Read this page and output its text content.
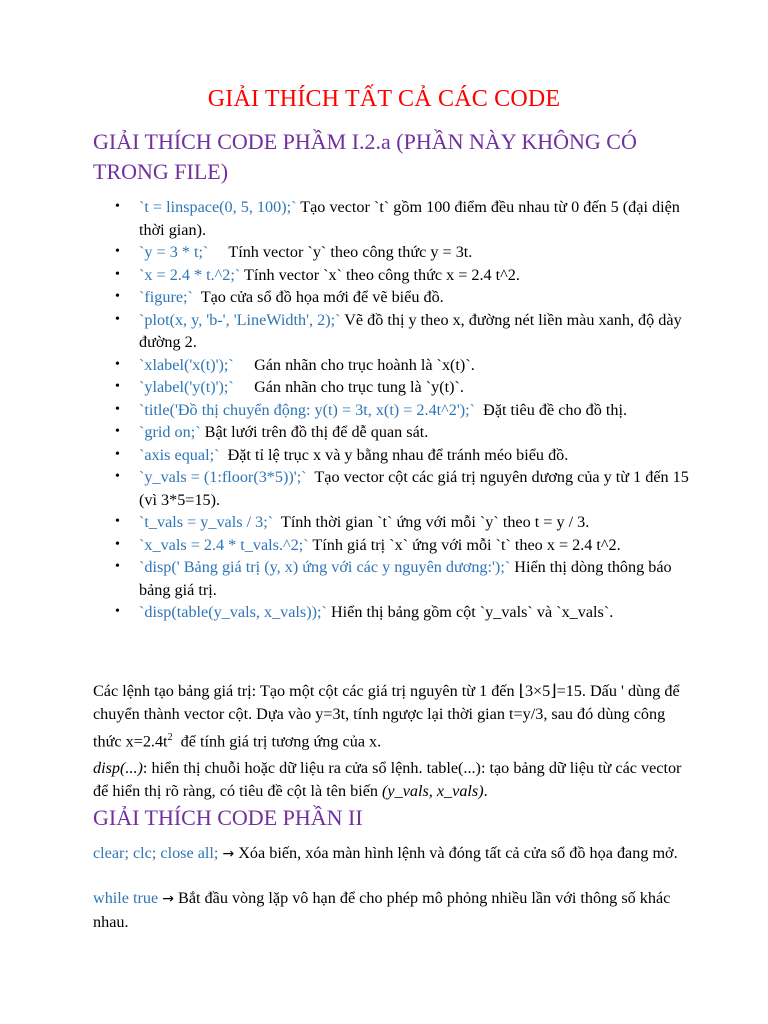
GIẢI THÍCH TẤT CẢ CÁC CODE
GIẢI THÍCH CODE PHẦM I.2.a (PHẦN NÀY KHÔNG CÓ TRONG FILE)
• `t = linspace(0, 5, 100);` Tạo vector `t` gồm 100 điểm đều nhau từ 0 đến 5 (đại diện thời gian).
• `y = 3 * t;`     Tính vector `y` theo công thức y = 3t.
• `x = 2.4 * t.^2;` Tính vector `x` theo công thức x = 2.4 t^2.
• `figure;`  Tạo cửa sổ đồ họa mới để vẽ biểu đồ.
• `plot(x, y, 'b-', 'LineWidth', 2);` Vẽ đồ thị y theo x, đường nét liền màu xanh, độ dày đường 2.
• `xlabel('x(t)');`     Gán nhãn cho trục hoành là `x(t)`.
• `ylabel('y(t)');`     Gán nhãn cho trục tung là `y(t)`.
• `title('Đồ thị chuyển động: y(t) = 3t, x(t) = 2.4t^2');`  Đặt tiêu đề cho đồ thị.
• `grid on;` Bật lưới trên đồ thị để dễ quan sát.
• `axis equal;`  Đặt tỉ lệ trục x và y bằng nhau để tránh méo biểu đồ.
• `y_vals = (1:floor(3*5))';`  Tạo vector cột các giá trị nguyên dương của y từ 1 đến 15 (vì 3*5=15).
• `t_vals = y_vals / 3;`  Tính thời gian `t` ứng với mỗi `y` theo t = y / 3.
• `x_vals = 2.4 * t_vals.^2;` Tính giá trị `x` ứng với mỗi `t` theo x = 2.4 t^2.
• `disp(' Bảng giá trị (y, x) ứng với các y nguyên dương:');` Hiển thị dòng thông báo bảng giá trị.
• `disp(table(y_vals, x_vals));` Hiển thị bảng gồm cột `y_vals` và `x_vals`.

Các lệnh tạo bảng giá trị: Tạo một cột các giá trị nguyên từ 1 đến ⌊3×5⌋=15. Dấu ' dùng để chuyển thành vector cột. Dựa vào y=3t, tính ngược lại thời gian t=y/3, sau đó dùng công thức $x=2.4t^2$  để tính giá trị tương ứng của x.

disp(...): hiển thị chuỗi hoặc dữ liệu ra cửa sổ lệnh. table(...): tạo bảng dữ liệu từ các vector để hiển thị rõ ràng, có tiêu đề cột là tên biến (y_vals, x_vals).

GIẢI THÍCH CODE PHẦN II

clear; clc; close all; → Xóa biến, xóa màn hình lệnh và đóng tất cả cửa sổ đồ họa đang mở.

while true → Bắt đầu vòng lặp vô hạn để cho phép mô phỏng nhiều lần với thông số khác nhau.
